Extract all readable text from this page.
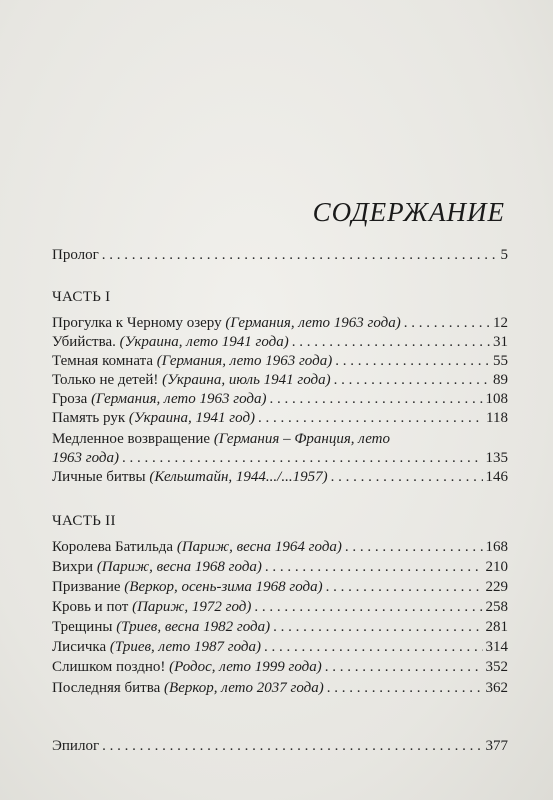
СОДЕРЖАНИЕ
Пролог . . .	5
ЧАСТЬ I
Прогулка к Черному озеру (Германия, лето 1963 года) . . .	12
Убийства. (Украина, лето 1941 года) . . .	31
Темная комната (Германия, лето 1963 года) . . .	55
Только не детей! (Украина, июль 1941 года) . . .	89
Гроза (Германия, лето 1963 года) . . .	108
Память рук (Украина, 1941 год) . . .	118
Медленное возвращение (Германия – Франция, лето
1963 года) . . .	135
Личные битвы (Кельштайн, 1944.../...1957) . . .	146
ЧАСТЬ II
Королева Батильда (Париж, весна 1964 года) . . .	168
Вихри (Париж, весна 1968 года) . . .	210
Призвание (Веркор, осень-зима 1968 года) . . .	229
Кровь и пот (Париж, 1972 год) . . .	258
Трещины (Триев, весна 1982 года) . . .	281
Лисичка (Триев, лето 1987 года) . . .	314
Слишком поздно! (Родос, лето 1999 года) . . .	352
Последняя битва (Веркор, лето 2037 года) . . .	362
Эпилог . . .	377
